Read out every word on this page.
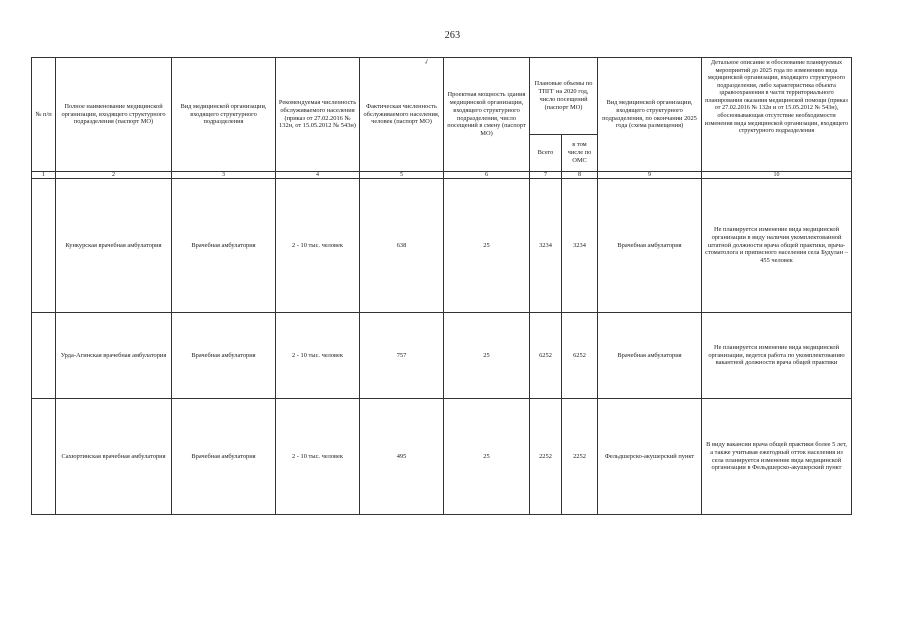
263
✓
№ п/п	Полное наименование медицинской организации, входящего структурного подразделения (паспорт МО)	Вид медицинской организации, входящего структурного подразделения	Рекомендуемая численность обслуживаемого населения (приказ от 27.02.2016 № 132н, от 15.05.2012 № 543н)	Фактическая численность обслуживаемого населения, человек (паспорт МО)	Проектная мощность здания медицинской организации, входящего структурного подразделения, число посещений в смену (паспорт МО)	Плановые объемы по ТПГГ на 2020 год, число посещений (паспорт МО)		Вид медицинской организации, входящего структурного подразделения, по окончании 2025 года (схема размещения)	Детальное описание и обоснование планируемых мероприятий до 2025 года по изменению вида медицинской организации, входящего структурного подразделения, либо характеристика объекта здравоохранения в части территориального планирования оказания медицинской помощи (приказ от 27.02.2016 № 132н и от 15.05.2012 № 543н), обосновывающая отсутствие необходимости изменения вида медицинской организации, входящего структурного подразделения
						Всего	в том числе по ОМС		
1	2	3	4	5	6	7	8	9	10
	Кункурская врачебная амбулатория	Врачебная амбулатория	2 - 10 тыс. человек	638	25	3234	3234	Врачебная амбулатория	Не планируется изменение вида медицинской организации в виду наличия укомплектованной штатной должности врача общей практики, врача-стоматолога и приписного населения села Будулан – 455 человек
	Урда-Агинская врачебная амбулатория	Врачебная амбулатория	2 - 10 тыс. человек	757	25	6252	6252	Врачебная амбулатория	Не планируется изменение вида медицинской организации, ведется работа по укомплектованию вакантной должности врача общей практики
	Сахюртинская врачебная амбулатория	Врачебная амбулатория	2 - 10 тыс. человек	495	25	2252	2252	Фельдшерско-акушерский пункт	В виду вакансии врача общей практики более 5 лет, а также учитывая ежегодный отток населения из села планируется изменение вида медицинской организации в Фельдшерско-акушерский пункт
